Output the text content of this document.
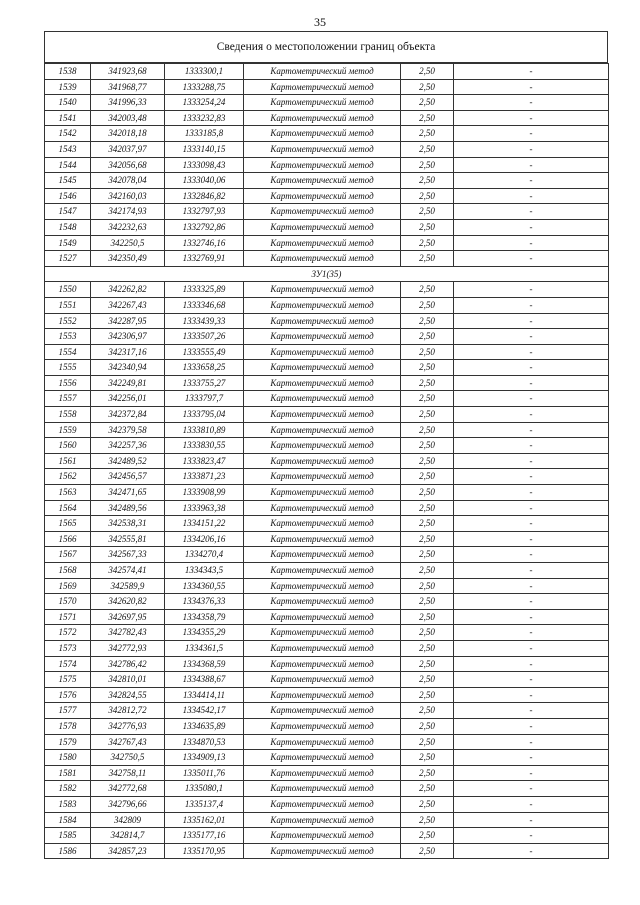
35
Сведения о местоположении границ объекта
1538	341923,68	1333300,1	Картометрический метод	2,50	-
1539	341968,77	1333288,75	Картометрический метод	2,50	-
1540	341996,33	1333254,24	Картометрический метод	2,50	-
1541	342003,48	1333232,83	Картометрический метод	2,50	-
1542	342018,18	1333185,8	Картометрический метод	2,50	-
1543	342037,97	1333140,15	Картометрический метод	2,50	-
1544	342056,68	1333098,43	Картометрический метод	2,50	-
1545	342078,04	1333040,06	Картометрический метод	2,50	-
1546	342160,03	1332846,82	Картометрический метод	2,50	-
1547	342174,93	1332797,93	Картометрический метод	2,50	-
1548	342232,63	1332792,86	Картометрический метод	2,50	-
1549	342250,5	1332746,16	Картометрический метод	2,50	-
1527	342350,49	1332769,91	Картометрический метод	2,50	-
ЗУ1(35)					
1550	342262,82	1333325,89	Картометрический метод	2,50	-
1551	342267,43	1333346,68	Картометрический метод	2,50	-
1552	342287,95	1333439,33	Картометрический метод	2,50	-
1553	342306,97	1333507,26	Картометрический метод	2,50	-
1554	342317,16	1333555,49	Картометрический метод	2,50	-
1555	342340,94	1333658,25	Картометрический метод	2,50	-
1556	342249,81	1333755,27	Картометрический метод	2,50	-
1557	342256,01	1333797,7	Картометрический метод	2,50	-
1558	342372,84	1333795,04	Картометрический метод	2,50	-
1559	342379,58	1333810,89	Картометрический метод	2,50	-
1560	342257,36	1333830,55	Картометрический метод	2,50	-
1561	342489,52	1333823,47	Картометрический метод	2,50	-
1562	342456,57	1333871,23	Картометрический метод	2,50	-
1563	342471,65	1333908,99	Картометрический метод	2,50	-
1564	342489,56	1333963,38	Картометрический метод	2,50	-
1565	342538,31	1334151,22	Картометрический метод	2,50	-
1566	342555,81	1334206,16	Картометрический метод	2,50	-
1567	342567,33	1334270,4	Картометрический метод	2,50	-
1568	342574,41	1334343,5	Картометрический метод	2,50	-
1569	342589,9	1334360,55	Картометрический метод	2,50	-
1570	342620,82	1334376,33	Картометрический метод	2,50	-
1571	342697,95	1334358,79	Картометрический метод	2,50	-
1572	342782,43	1334355,29	Картометрический метод	2,50	-
1573	342772,93	1334361,5	Картометрический метод	2,50	-
1574	342786,42	1334368,59	Картометрический метод	2,50	-
1575	342810,01	1334388,67	Картометрический метод	2,50	-
1576	342824,55	1334414,11	Картометрический метод	2,50	-
1577	342812,72	1334542,17	Картометрический метод	2,50	-
1578	342776,93	1334635,89	Картометрический метод	2,50	-
1579	342767,43	1334870,53	Картометрический метод	2,50	-
1580	342750,5	1334909,13	Картометрический метод	2,50	-
1581	342758,11	1335011,76	Картометрический метод	2,50	-
1582	342772,68	1335080,1	Картометрический метод	2,50	-
1583	342796,66	1335137,4	Картометрический метод	2,50	-
1584	342809	1335162,01	Картометрический метод	2,50	-
1585	342814,7	1335177,16	Картометрический метод	2,50	-
1586	342857,23	1335170,95	Картометрический метод	2,50	-
